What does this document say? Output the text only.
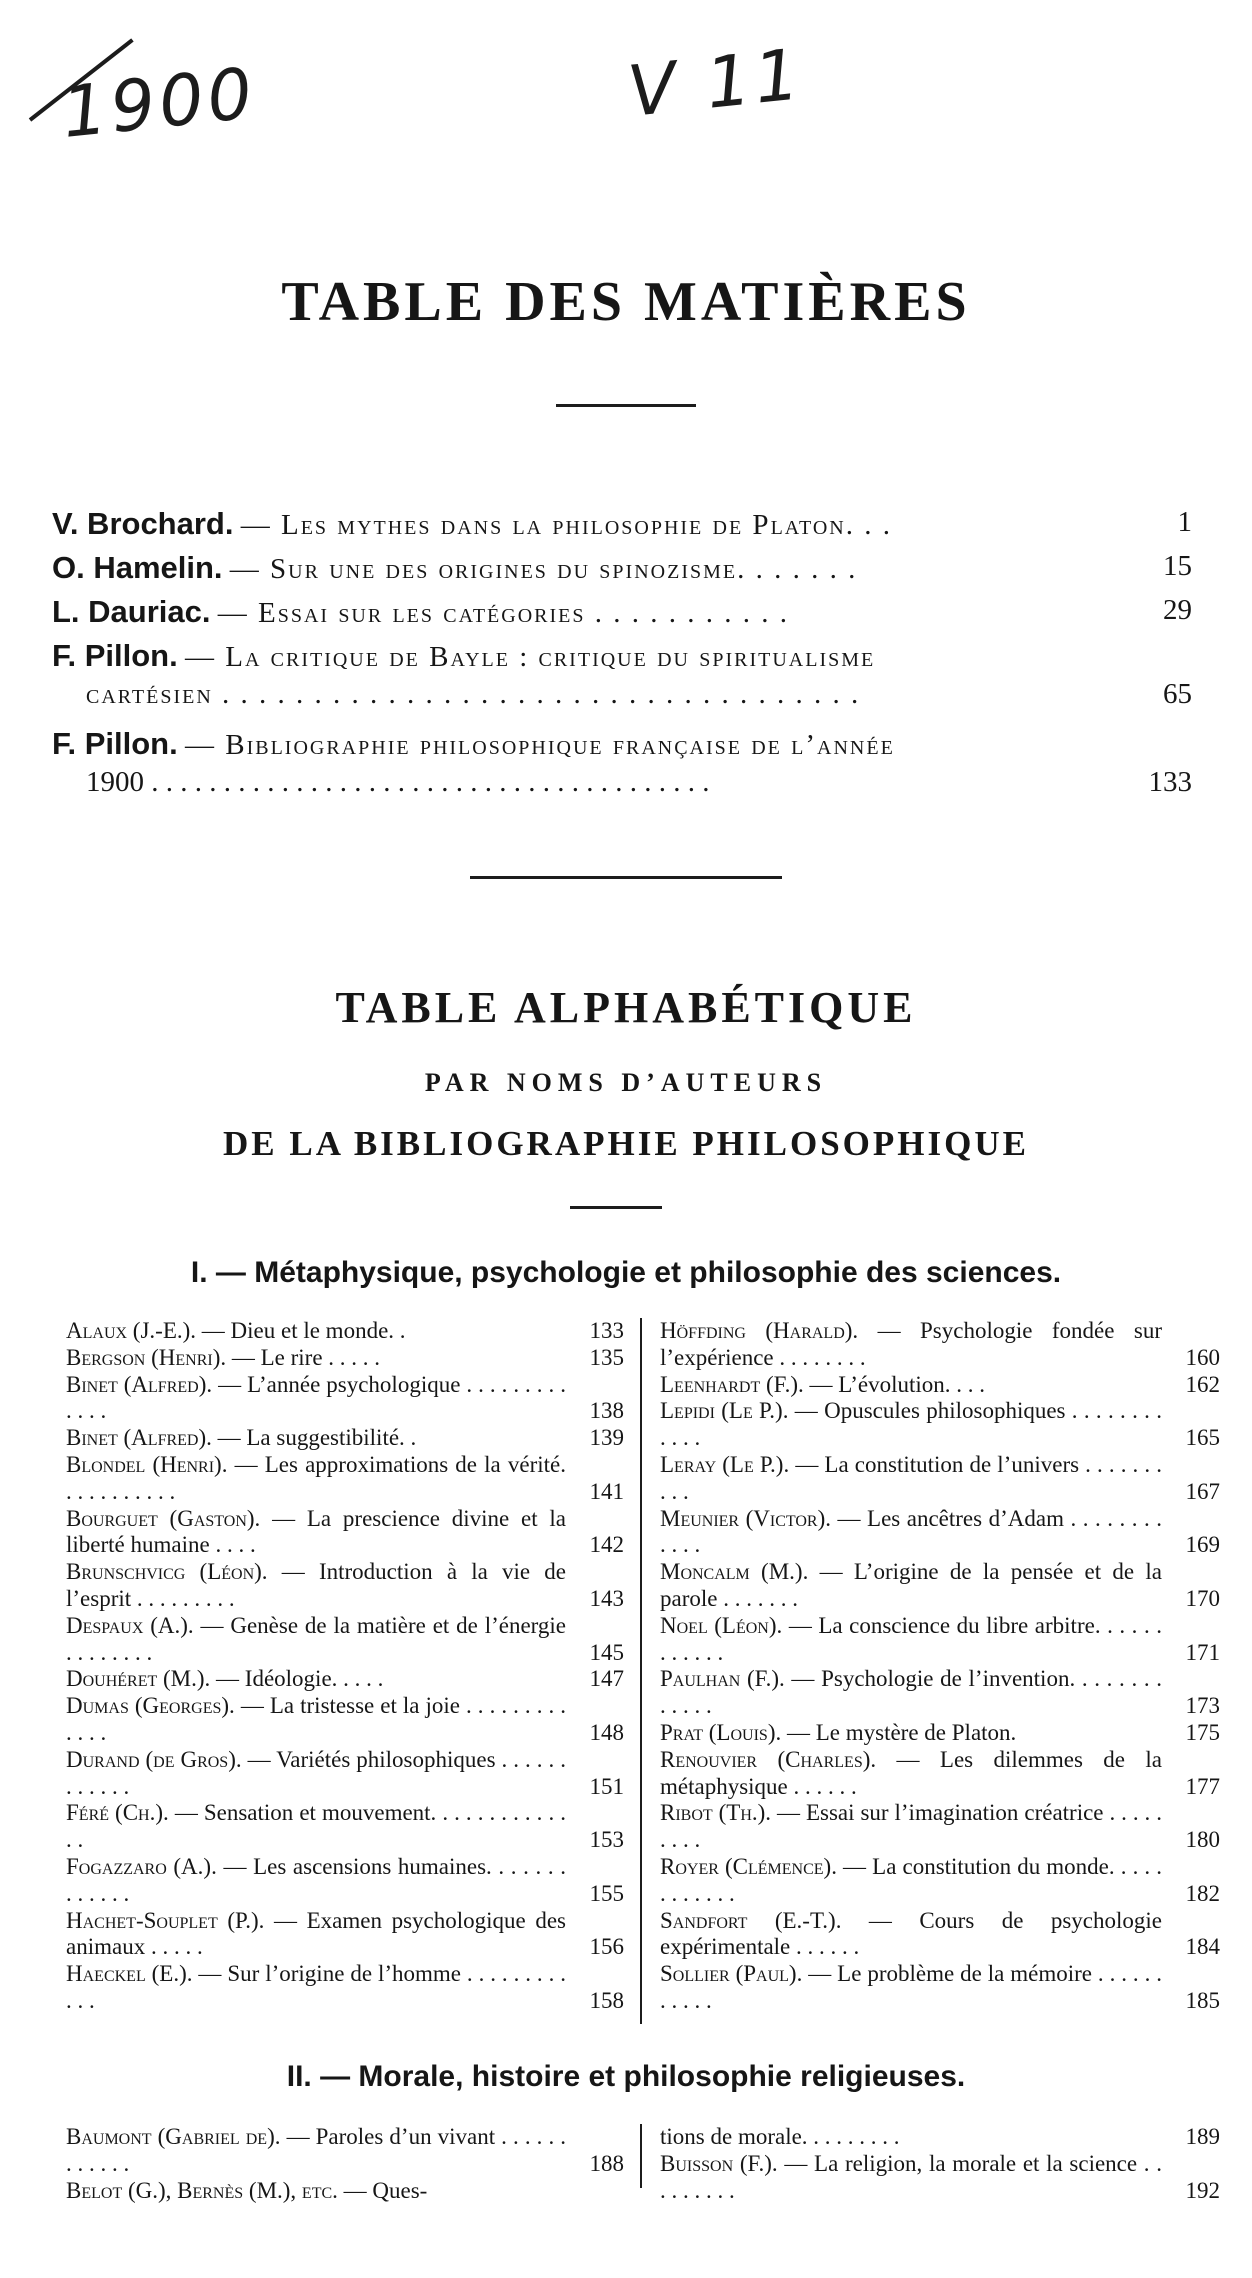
1900	V 11
TABLE DES MATIÈRES
V. Brochard. — Les mythes dans la philosophie de Platon. . .	1
O. Hamelin. — Sur une des origines du spinozisme. . . . . . .	15
L. Dauriac. — Essai sur les catégories . . . . . . . . . . .	29
F. Pillon. — La critique de Bayle : critique du spiritualisme
cartésien . . . . . . . . . . . . . . . . . . . . . . . . . . . . . . . . . . .	65
F. Pillon. — Bibliographie philosophique française de l’année
1900 . . . . . . . . . . . . . . . . . . . . . . . . . . . . . . . . . . . . . . .	133
TABLE ALPHABÉTIQUE
PAR NOMS D’AUTEURS
DE LA BIBLIOGRAPHIE PHILOSOPHIQUE
I. — Métaphysique, psychologie et philosophie des sciences.
Alaux (J.-E.). — Dieu et le monde. .	133
Bergson (Henri). — Le rire . . . . .	135
Binet (Alfred). — L’année psychologique . . . . . . . . . . . . .	138
Binet (Alfred). — La suggestibilité. .	139
Blondel (Henri). — Les approximations de la vérité. . . . . . . . . . .	141
Bourguet (Gaston). — La prescience divine et la liberté humaine . . . .	142
Brunschvicg (Léon). — Introduction à la vie de l’esprit . . . . . . . . .	143
Despaux (A.). — Genèse de la matière et de l’énergie . . . . . . . .	145
Douhéret (M.). — Idéologie. . . . .	147
Dumas (Georges). — La tristesse et la joie . . . . . . . . . . . . .	148
Durand (de Gros). — Variétés philosophiques . . . . . . . . . . . .	151
Féré (Ch.). — Sensation et mouvement. . . . . . . . . . . . . .	153
Fogazzaro (A.). — Les ascensions humaines. . . . . . . . . . . . .	155
Hachet-Souplet (P.). — Examen psychologique des animaux . . . . .	156
Haeckel (E.). — Sur l’origine de l’homme . . . . . . . . . . . .	158
Höffding (Harald). — Psychologie fondée sur l’expérience . . . . . . . .	160
Leenhardt (F.). — L’évolution. . . .	162
Lepidi (Le P.). — Opuscules philosophiques . . . . . . . . . . . .	165
Leray (Le P.). — La constitution de l’univers . . . . . . . . . .	167
Meunier (Victor). — Les ancêtres d’Adam . . . . . . . . . . . .	169
Moncalm (M.). — L’origine de la pensée et de la parole . . . . . . .	170
Noel (Léon). — La conscience du libre arbitre. . . . . . . . . . . .	171
Paulhan (F.). — Psychologie de l’invention. . . . . . . . . . . . .	173
Prat (Louis). — Le mystère de Platon.	175
Renouvier (Charles). — Les dilemmes de la métaphysique . . . . . .	177
Ribot (Th.). — Essai sur l’imagination créatrice . . . . . . . . .	180
Royer (Clémence). — La constitution du monde. . . . . . . . . . . .	182
Sandfort (E.-T.). — Cours de psychologie expérimentale . . . . . .	184
Sollier (Paul). — Le problème de la mémoire . . . . . . . . . . .	185
II. — Morale, histoire et philosophie religieuses.
Baumont (Gabriel de). — Paroles d’un vivant . . . . . . . . . . . .	188
Belot (G.), Bernès (M.), etc. — Ques-
tions de morale. . . . . . . . .	189
Buisson (F.). — La religion, la morale et la science . . . . . . . . .	192
